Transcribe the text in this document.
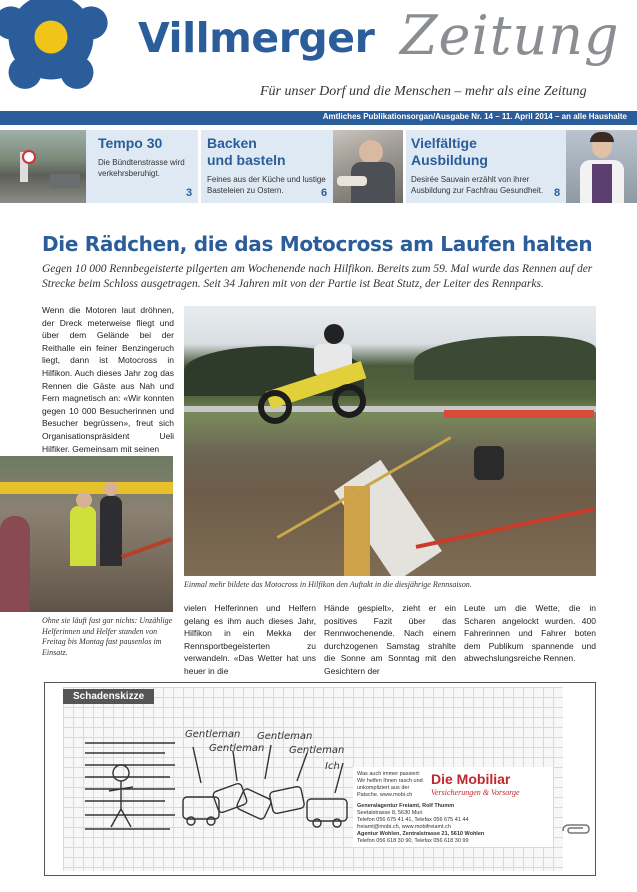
Villmerger Zeitung
Für unser Dorf und die Menschen – mehr als eine Zeitung
Amtliches Publikationsorgan/Ausgabe Nr. 14 – 11. April 2014 – an alle Haushalte
Tempo 30
Die Bündtenstrasse wird verkehrsberuhigt.
3
Backen
und basteln
Feines aus der Küche und lustige Basteleien zu Ostern.	6
Vielfältige
Ausbildung
Desirée Sauvain erzählt von ihrer Ausbildung zur Fachfrau Gesundheit. 8
Die Rädchen, die das Motocross am Laufen halten
Gegen 10 000 Rennbegeisterte pilgerten am Wochenende nach Hilfikon. Bereits zum 59. Mal wurde das Rennen auf der Strecke beim Schloss ausgetragen. Seit 34 Jahren mit von der Partie ist Beat Stutz, der Leiter des Rennparks.
Wenn die Motoren laut dröhnen, der Dreck meterweise fliegt und über dem Gelände bei der Reithalle ein feiner Benzingeruch liegt, dann ist Motocross in Hilfikon. Auch dieses Jahr zog das Rennen die Gäste aus Nah und Fern magnetisch an: «Wir konnten gegen 10 000 Besucherinnen und Besucher begrüssen», freut sich Organisationspräsident Ueli Hilfiker. Gemeinsam mit seinen
Ohne sie läuft fast gar nichts: Unzählige Helferinnen und Helfer standen von Freitag bis Montag fast pausenlos im Einsatz.
Einmal mehr bildete das Motocross in Hilfikon den Auftakt in die diesjährige Rennsaison.
vielen Helferinnen und Helfern gelang es ihm auch dieses Jahr, Hilfikon in ein Mekka der Rennsportbegeisterten zu verwandeln. «Das Wetter hat uns heuer in die
Hände gespielt», zieht er ein positives Fazit über das Rennwochenende. Nach einem durchzogenen Samstag strahlte die Sonne am Sonntag mit den Gesichtern der
Leute um die Wette, die in Scharen angelockt wurden. 400 Fahrerinnen und Fahrer boten dem Publikum spannende und abwechslungsreiche Rennen.
Schadenskizze
Gentleman
Gentleman
Gentleman
Gentleman
Ich
Was auch immer passiert: Wir helfen Ihnen rasch und unkompliziert aus der Patsche. www.mobi.ch
Die Mobiliar
Versicherungen & Vorsorge
Generalagentur Freiamt, Rolf Thumm
Seetalstrasse 8, 5630 Muri
Telefon 056 675 41 41, Telefax 056 675 41 44
freiamt@mobi.ch, www.mobifreiamt.ch
Agentur Wohlen, Zentralstrasse 21, 5610 Wohlen
Telefon 056 618 30 90, Telefax 056 618 30 99
